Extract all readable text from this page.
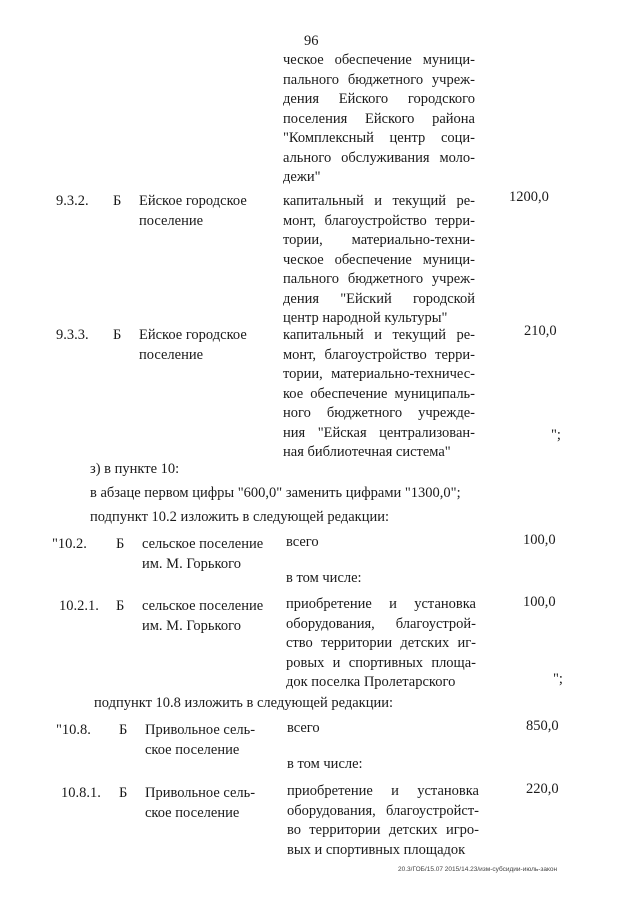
96
ческое обеспечение муници-
пального бюджетного учреж-
дения Ейского городского
поселения Ейского района
"Комплексный центр соци-
ального обслуживания моло-
дежи"
9.3.2. Б Ейское городское
поселение
капитальный и текущий ре-
монт, благоустройство терри-
тории, материально-техни-
ческое обеспечение муници-
пального бюджетного учреж-
дения "Ейский городской
центр народной культуры"
1200,0
9.3.3. Б Ейское городское
поселение
капитальный и текущий ре-
монт, благоустройство терри-
тории, материально-техничес-
кое обеспечение муниципаль-
ного бюджетного учрежде-
ния "Ейская централизован-
ная библиотечная система"
210,0
";
з) в пункте 10:
в абзаце первом цифры "600,0" заменить цифрами "1300,0";
подпункт 10.2 изложить в следующей редакции:
"10.2. Б сельское поселение
им. М. Горького
всего	100,0
в том числе:
10.2.1. Б сельское поселение
им. М. Горького
приобретение и установка
оборудования, благоустрой-
ство территории детских иг-
ровых и спортивных площа-
док поселка Пролетарского
100,0
";
подпункт 10.8 изложить в следующей редакции:
"10.8. Б Привольное сель-
ское поселение
всего	850,0
в том числе:
10.8.1. Б Привольное сель-
ское поселение
приобретение и установка
оборудования, благоустройст-
во территории детских игро-
вых и спортивных площадок
220,0
20.3/ГОБ/15.07 2015/14.23/изм-субсидии-июль-закон
